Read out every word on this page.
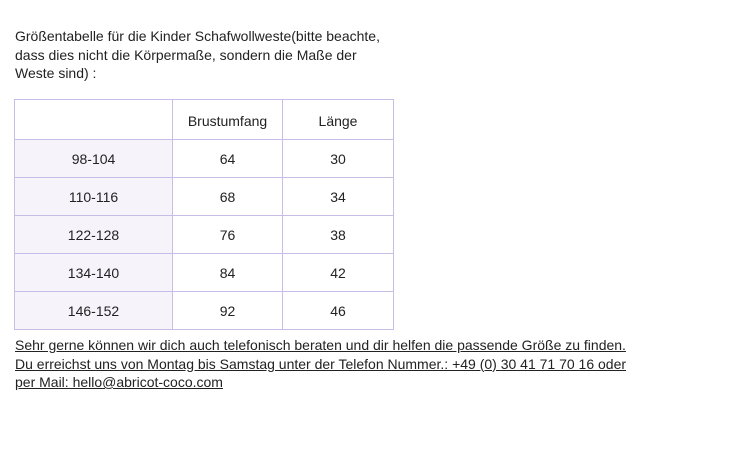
Größentabelle für die Kinder Schafwollweste(bitte beachte,
dass dies nicht die Körpermaße, sondern die Maße der
Weste sind) :
	Brustumfang	Länge
98-104	64	30
110-116	68	34
122-128	76	38
134-140	84	42
146-152	92	46

Sehr gerne können wir dich auch telefonisch beraten und dir helfen die passende Größe zu finden.

Du erreichst uns von Montag bis Samstag unter der Telefon Nummer.: +49 (0) 30 41 71 70 16 oder

per Mail: hello@abricot-coco.com
